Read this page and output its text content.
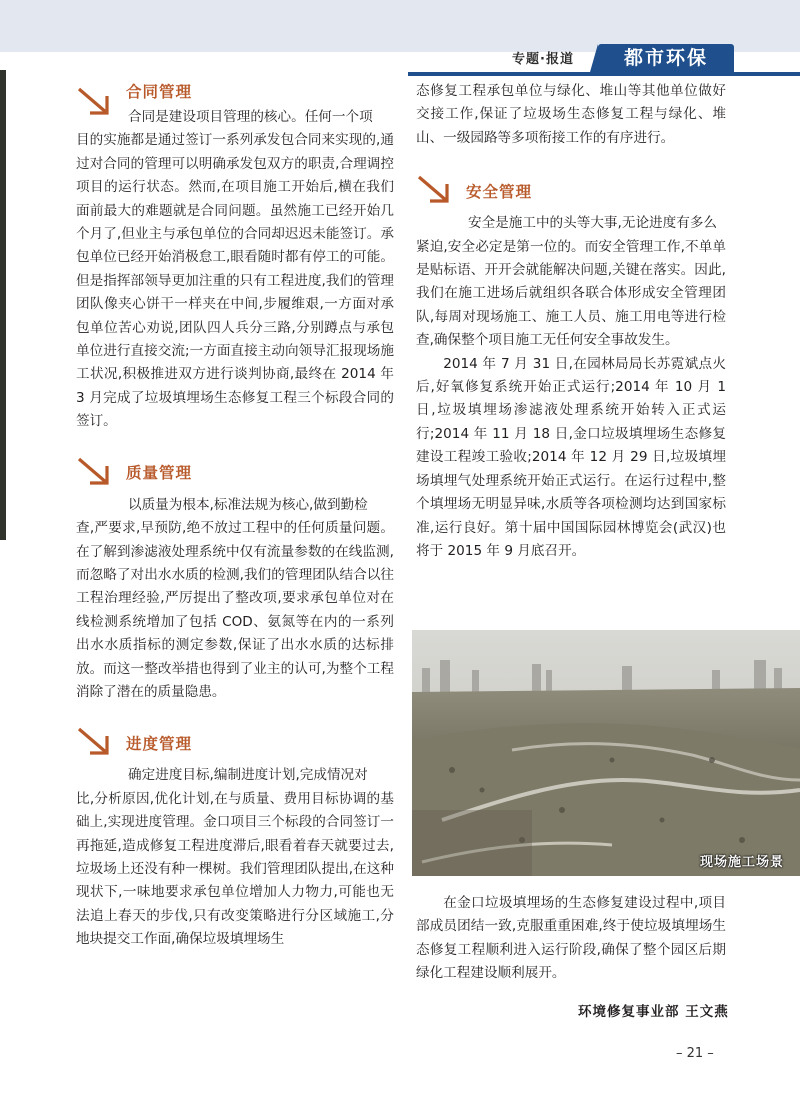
专题·报道	都市环保
合同管理

合同是建设项目管理的核心。任何一个项

目的实施都是通过签订一系列承发包合同来实现的,通过对合同的管理可以明确承发包双方的职责,合理调控项目的运行状态。然而,在项目施工开始后,横在我们面前最大的难题就是合同问题。虽然施工已经开始几个月了,但业主与承包单位的合同却迟迟未能签订。承包单位已经开始消极怠工,眼看随时都有停工的可能。但是指挥部领导更加注重的只有工程进度,我们的管理团队像夹心饼干一样夹在中间,步履维艰,一方面对承包单位苦心劝说,团队四人兵分三路,分别蹲点与承包单位进行直接交流;一方面直接主动向领导汇报现场施工状况,积极推进双方进行谈判协商,最终在 2014 年 3 月完成了垃圾填埋场生态修复工程三个标段合同的签订。

质量管理

以质量为根本,标准法规为核心,做到勤检

查,严要求,早预防,绝不放过工程中的任何质量问题。在了解到渗滤液处理系统中仅有流量参数的在线监测,而忽略了对出水水质的检测,我们的管理团队结合以往工程治理经验,严厉提出了整改项,要求承包单位对在线检测系统增加了包括 COD、氨氮等在内的一系列出水水质指标的测定参数,保证了出水水质的达标排放。而这一整改举措也得到了业主的认可,为整个工程消除了潜在的质量隐患。

进度管理

确定进度目标,编制进度计划,完成情况对

比,分析原因,优化计划,在与质量、费用目标协调的基础上,实现进度管理。金口项目三个标段的合同签订一再拖延,造成修复工程进度滞后,眼看着春天就要过去,垃圾场上还没有种一棵树。我们管理团队提出,在这种现状下,一味地要求承包单位增加人力物力,可能也无法追上春天的步伐,只有改变策略进行分区域施工,分地块提交工作面,确保垃圾填埋场生

态修复工程承包单位与绿化、堆山等其他单位做好交接工作,保证了垃圾场生态修复工程与绿化、堆山、一级园路等多项衔接工作的有序进行。

安全管理

安全是施工中的头等大事,无论进度有多么

紧迫,安全必定是第一位的。而安全管理工作,不单单是贴标语、开开会就能解决问题,关键在落实。因此,我们在施工进场后就组织各联合体形成安全管理团队,每周对现场施工、施工人员、施工用电等进行检查,确保整个项目施工无任何安全事故发生。

2014 年 7 月 31 日,在园林局局长苏霓斌点火后,好氧修复系统开始正式运行;2014 年 10 月 1 日,垃圾填埋场渗滤液处理系统开始转入正式运行;2014 年 11 月 18 日,金口垃圾填埋场生态修复建设工程竣工验收;2014 年 12 月 29 日,垃圾填埋场填埋气处理系统开始正式运行。在运行过程中,整个填埋场无明显异味,水质等各项检测均达到国家标准,运行良好。第十届中国国际园林博览会(武汉)也将于 2015 年 9 月底召开。

现场施工场景

在金口垃圾填埋场的生态修复建设过程中,项目部成员团结一致,克服重重困难,终于使垃圾填埋场生态修复工程顺利进入运行阶段,确保了整个园区后期绿化工程建设顺利展开。

环境修复事业部 王文燕
– 21 –
